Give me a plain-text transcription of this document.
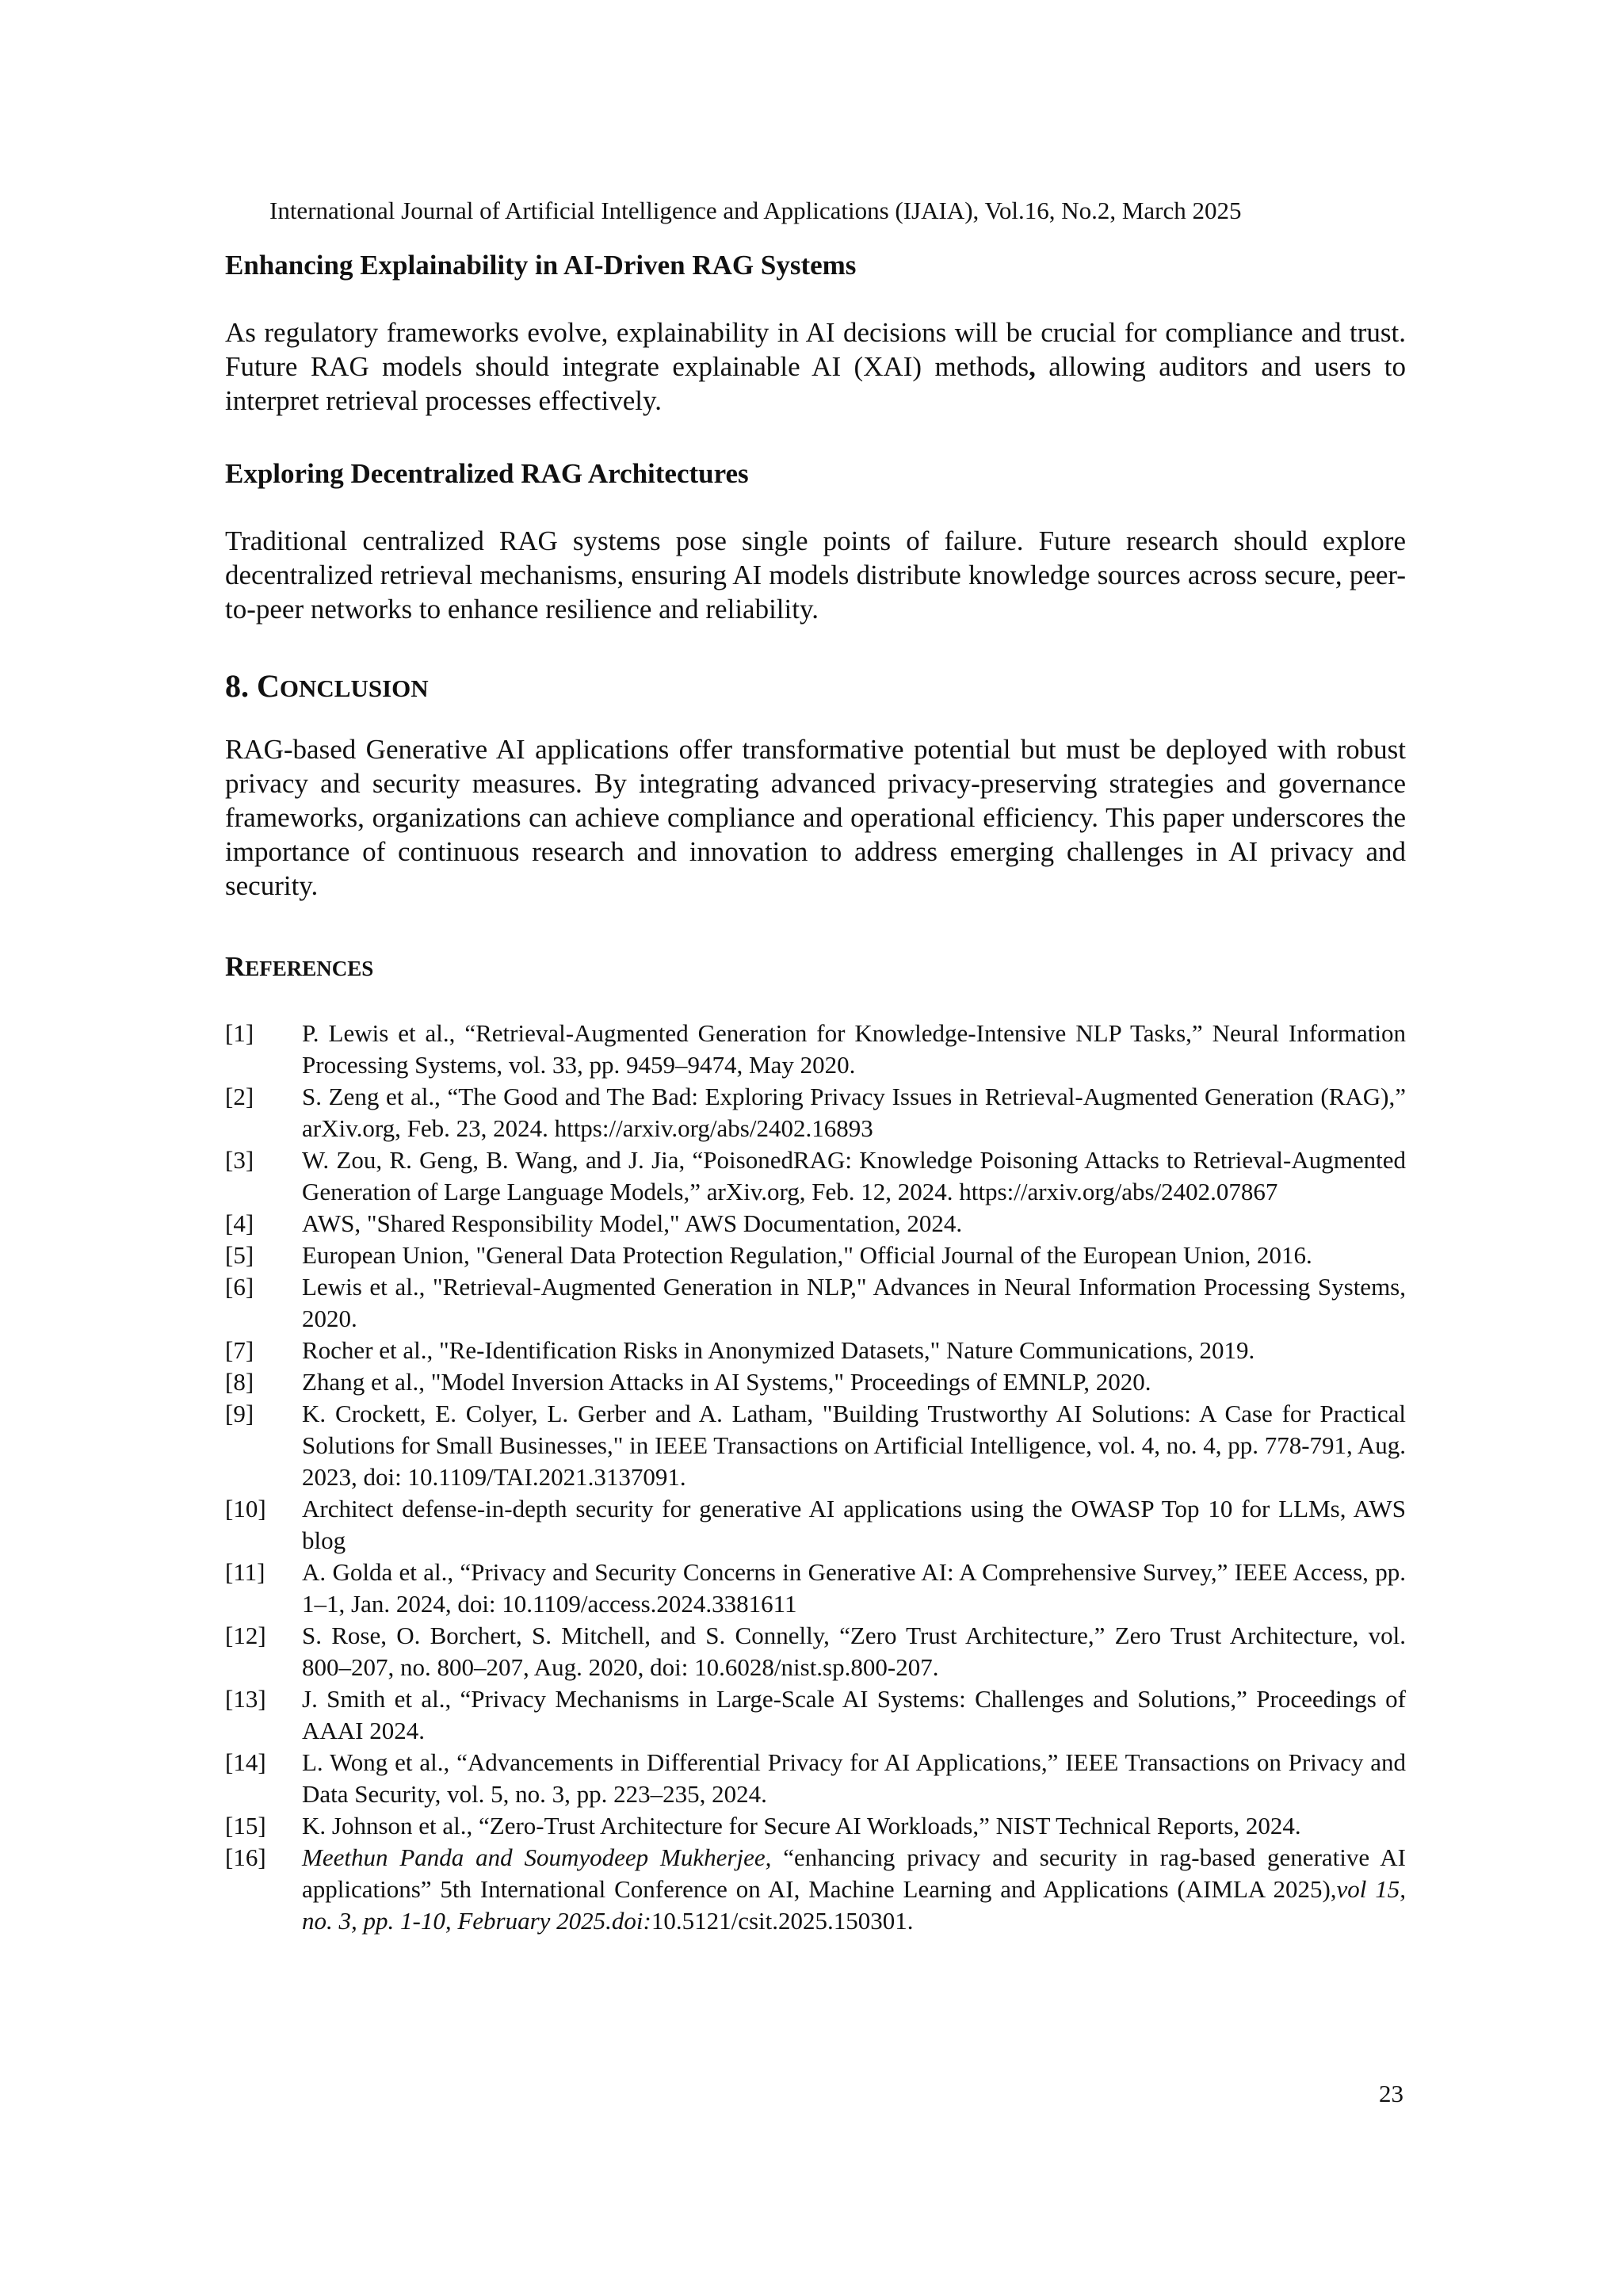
International Journal of Artificial Intelligence and Applications (IJAIA), Vol.16, No.2, March 2025

Enhancing Explainability in AI-Driven RAG Systems

As regulatory frameworks evolve, explainability in AI decisions will be crucial for compliance and trust. Future RAG models should integrate explainable AI (XAI) methods, allowing auditors and users to interpret retrieval processes effectively.

Exploring Decentralized RAG Architectures

Traditional centralized RAG systems pose single points of failure. Future research should explore decentralized retrieval mechanisms, ensuring AI models distribute knowledge sources across secure, peer-to-peer networks to enhance resilience and reliability.

8. CONCLUSION

RAG-based Generative AI applications offer transformative potential but must be deployed with robust privacy and security measures. By integrating advanced privacy-preserving strategies and governance frameworks, organizations can achieve compliance and operational efficiency. This paper underscores the importance of continuous research and innovation to address emerging challenges in AI privacy and security.

REFERENCES

[1]	P. Lewis et al., “Retrieval-Augmented Generation for Knowledge-Intensive NLP Tasks,” Neural Information Processing Systems, vol. 33, pp. 9459–9474, May 2020.
[2]	S. Zeng et al., “The Good and The Bad: Exploring Privacy Issues in Retrieval-Augmented Generation (RAG),” arXiv.org, Feb. 23, 2024. https://arxiv.org/abs/2402.16893
[3]	W. Zou, R. Geng, B. Wang, and J. Jia, “PoisonedRAG: Knowledge Poisoning Attacks to Retrieval-Augmented Generation of Large Language Models,” arXiv.org, Feb. 12, 2024. https://arxiv.org/abs/2402.07867
[4]	AWS, "Shared Responsibility Model," AWS Documentation, 2024.
[5]	European Union, "General Data Protection Regulation," Official Journal of the European Union, 2016.
[6]	Lewis et al., "Retrieval-Augmented Generation in NLP," Advances in Neural Information Processing Systems, 2020.
[7]	Rocher et al., "Re-Identification Risks in Anonymized Datasets," Nature Communications, 2019.
[8]	Zhang et al., "Model Inversion Attacks in AI Systems," Proceedings of EMNLP, 2020.
[9]	K. Crockett, E. Colyer, L. Gerber and A. Latham, "Building Trustworthy AI Solutions: A Case for Practical Solutions for Small Businesses," in IEEE Transactions on Artificial Intelligence, vol. 4, no. 4, pp. 778-791, Aug. 2023, doi: 10.1109/TAI.2021.3137091.
[10]	Architect defense-in-depth security for generative AI applications using the OWASP Top 10 for LLMs, AWS blog
[11]	A. Golda et al., “Privacy and Security Concerns in Generative AI: A Comprehensive Survey,” IEEE Access, pp. 1–1, Jan. 2024, doi: 10.1109/access.2024.3381611
[12]	S. Rose, O. Borchert, S. Mitchell, and S. Connelly, “Zero Trust Architecture,” Zero Trust Architecture, vol. 800–207, no. 800–207, Aug. 2020, doi: 10.6028/nist.sp.800-207.
[13]	J. Smith et al., “Privacy Mechanisms in Large-Scale AI Systems: Challenges and Solutions,” Proceedings of AAAI 2024.
[14]	L. Wong et al., “Advancements in Differential Privacy for AI Applications,” IEEE Transactions on Privacy and Data Security, vol. 5, no. 3, pp. 223–235, 2024.
[15]	K. Johnson et al., “Zero-Trust Architecture for Secure AI Workloads,” NIST Technical Reports, 2024.
[16]	Meethun Panda and Soumyodeep Mukherjee, “enhancing privacy and security in rag-based generative AI applications” 5th International Conference on AI, Machine Learning and Applications (AIMLA 2025),vol 15, no. 3, pp. 1-10, February 2025.doi:10.5121/csit.2025.150301.
23
